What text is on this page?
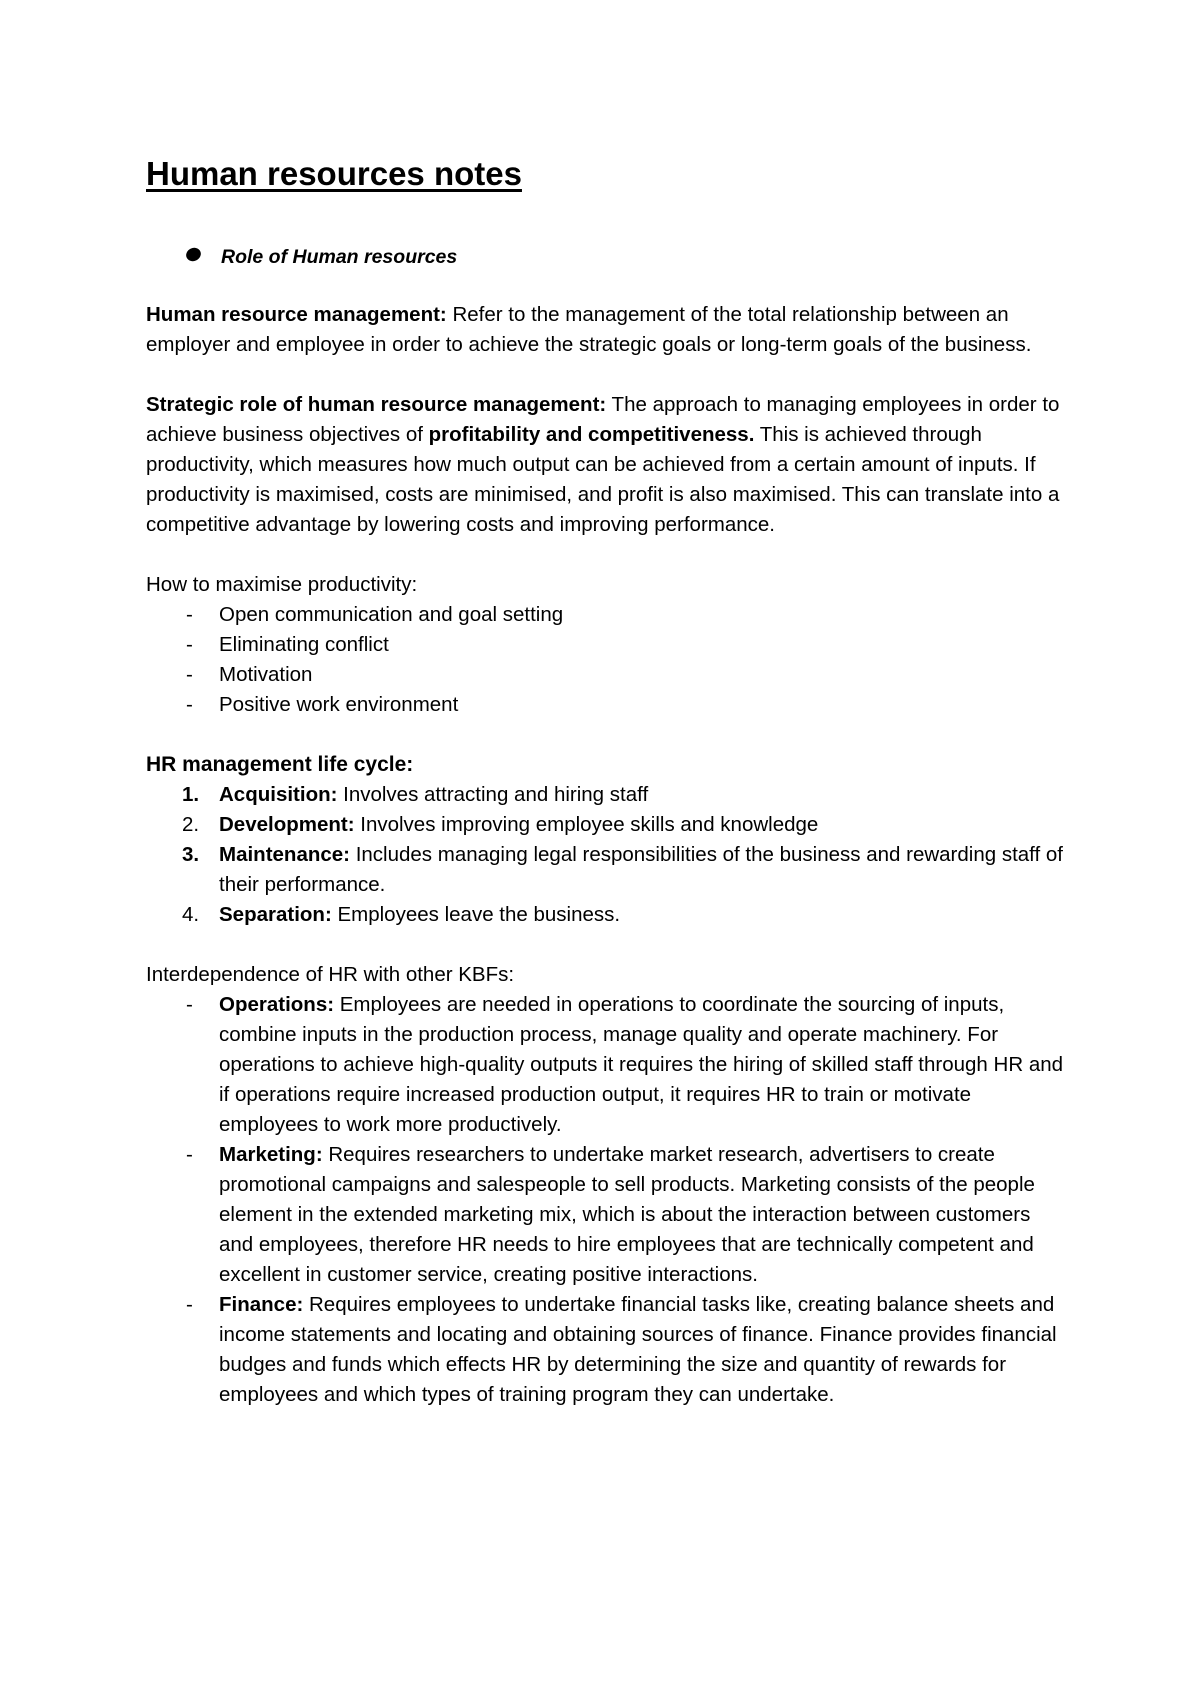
Human resources notes
Role of Human resources

Human resource management: Refer to the management of the total relationship between an employer and employee in order to achieve the strategic goals or long-term goals of the business.

Strategic role of human resource management: The approach to managing employees in order to achieve business objectives of profitability and competitiveness. This is achieved through productivity, which measures how much output can be achieved from a certain amount of inputs. If productivity is maximised, costs are minimised, and profit is also maximised. This can translate into a competitive advantage by lowering costs and improving performance.

How to maximise productivity:
- Open communication and goal setting
- Eliminating conflict
- Motivation
- Positive work environment
HR management life cycle:
1. Acquisition: Involves attracting and hiring staff
2. Development: Involves improving employee skills and knowledge
3. Maintenance: Includes managing legal responsibilities of the business and rewarding staff of their performance.
4. Separation: Employees leave the business.
Interdependence of HR with other KBFs:
- Operations: Employees are needed in operations to coordinate the sourcing of inputs, combine inputs in the production process, manage quality and operate machinery. For operations to achieve high-quality outputs it requires the hiring of skilled staff through HR and if operations require increased production output, it requires HR to train or motivate employees to work more productively.
- Marketing: Requires researchers to undertake market research, advertisers to create promotional campaigns and salespeople to sell products. Marketing consists of the people element in the extended marketing mix, which is about the interaction between customers and employees, therefore HR needs to hire employees that are technically competent and excellent in customer service, creating positive interactions.
- Finance: Requires employees to undertake financial tasks like, creating balance sheets and income statements and locating and obtaining sources of finance. Finance provides financial budges and funds which effects HR by determining the size and quantity of rewards for employees and which types of training program they can undertake.
